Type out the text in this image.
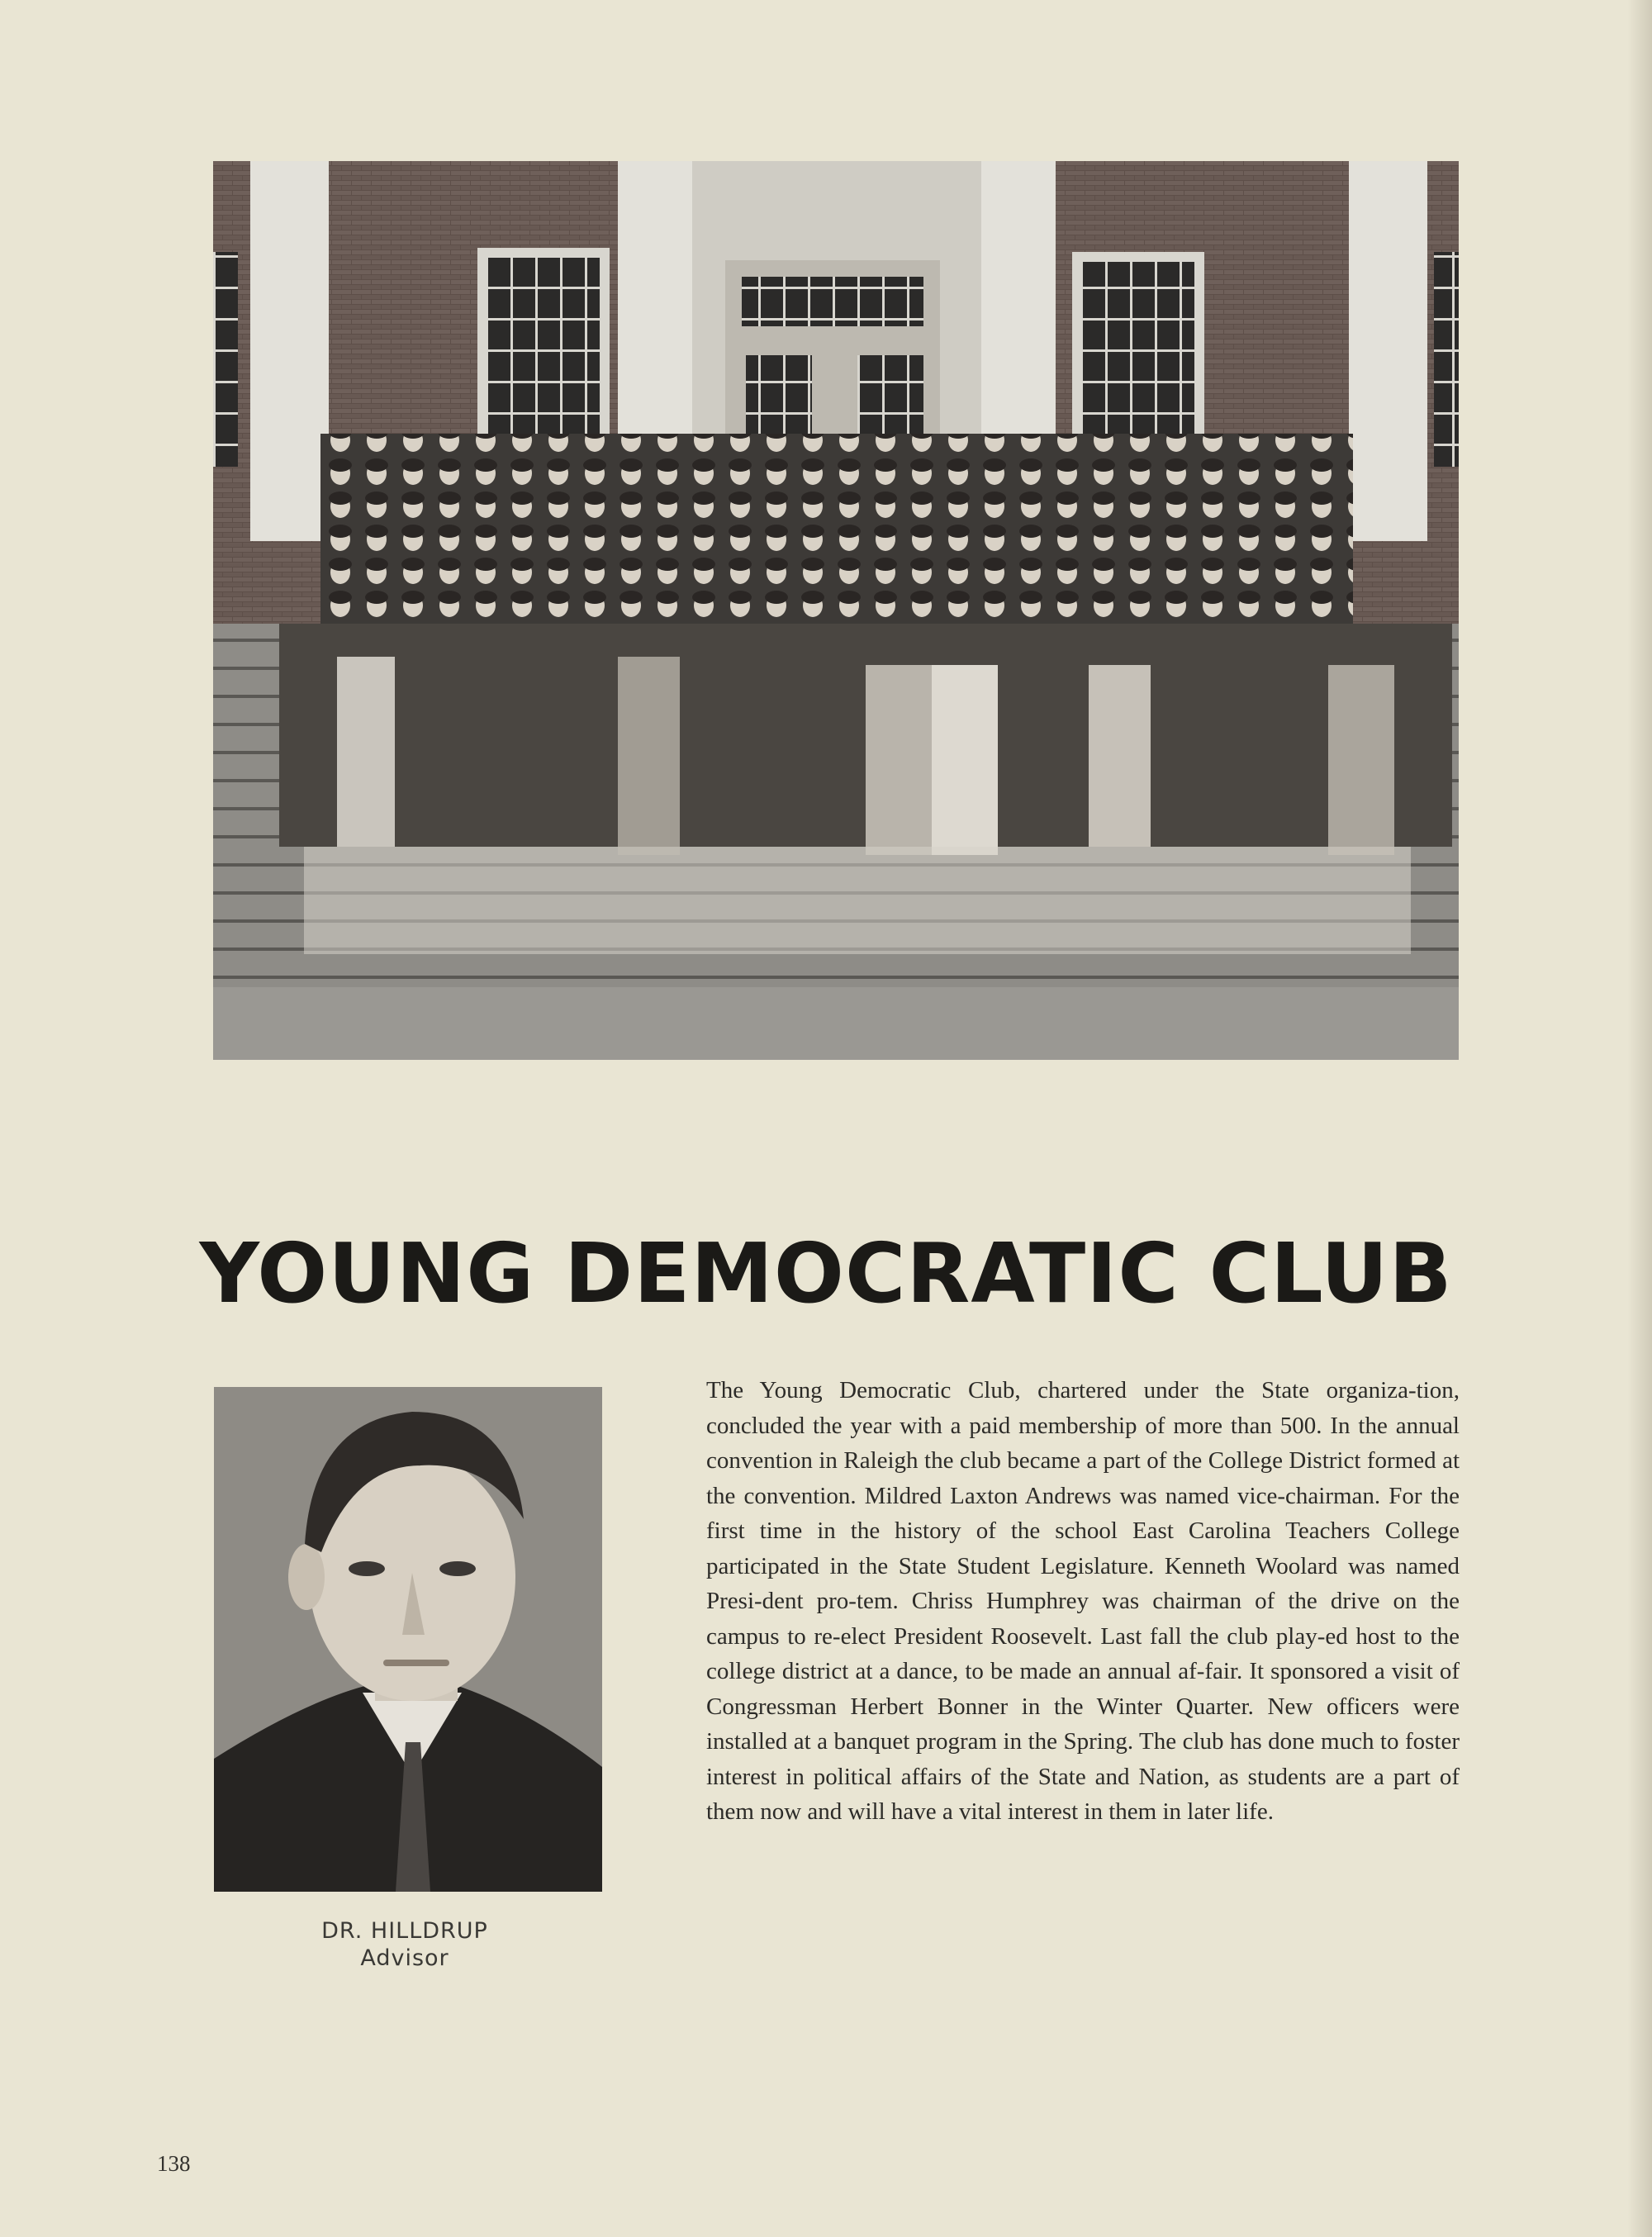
YOUNG DEMOCRATIC CLUB

The Young Democratic Club, chartered under the State organiza-tion, concluded the year with a paid membership of more than 500. In the annual convention in Raleigh the club became a part of the College District formed at the convention. Mildred Laxton Andrews was named vice-chairman. For the first time in the history of the school East Carolina Teachers College participated in the State Student Legislature. Kenneth Woolard was named Presi-dent pro-tem. Chriss Humphrey was chairman of the drive on the campus to re-elect President Roosevelt. Last fall the club play-ed host to the college district at a dance, to be made an annual af-fair. It sponsored a visit of Congressman Herbert Bonner in the Winter Quarter. New officers were installed at a banquet program in the Spring. The club has done much to foster interest in political affairs of the State and Nation, as students are a part of them now and will have a vital interest in them in later life.

DR. HILLDRUP
Advisor
138
